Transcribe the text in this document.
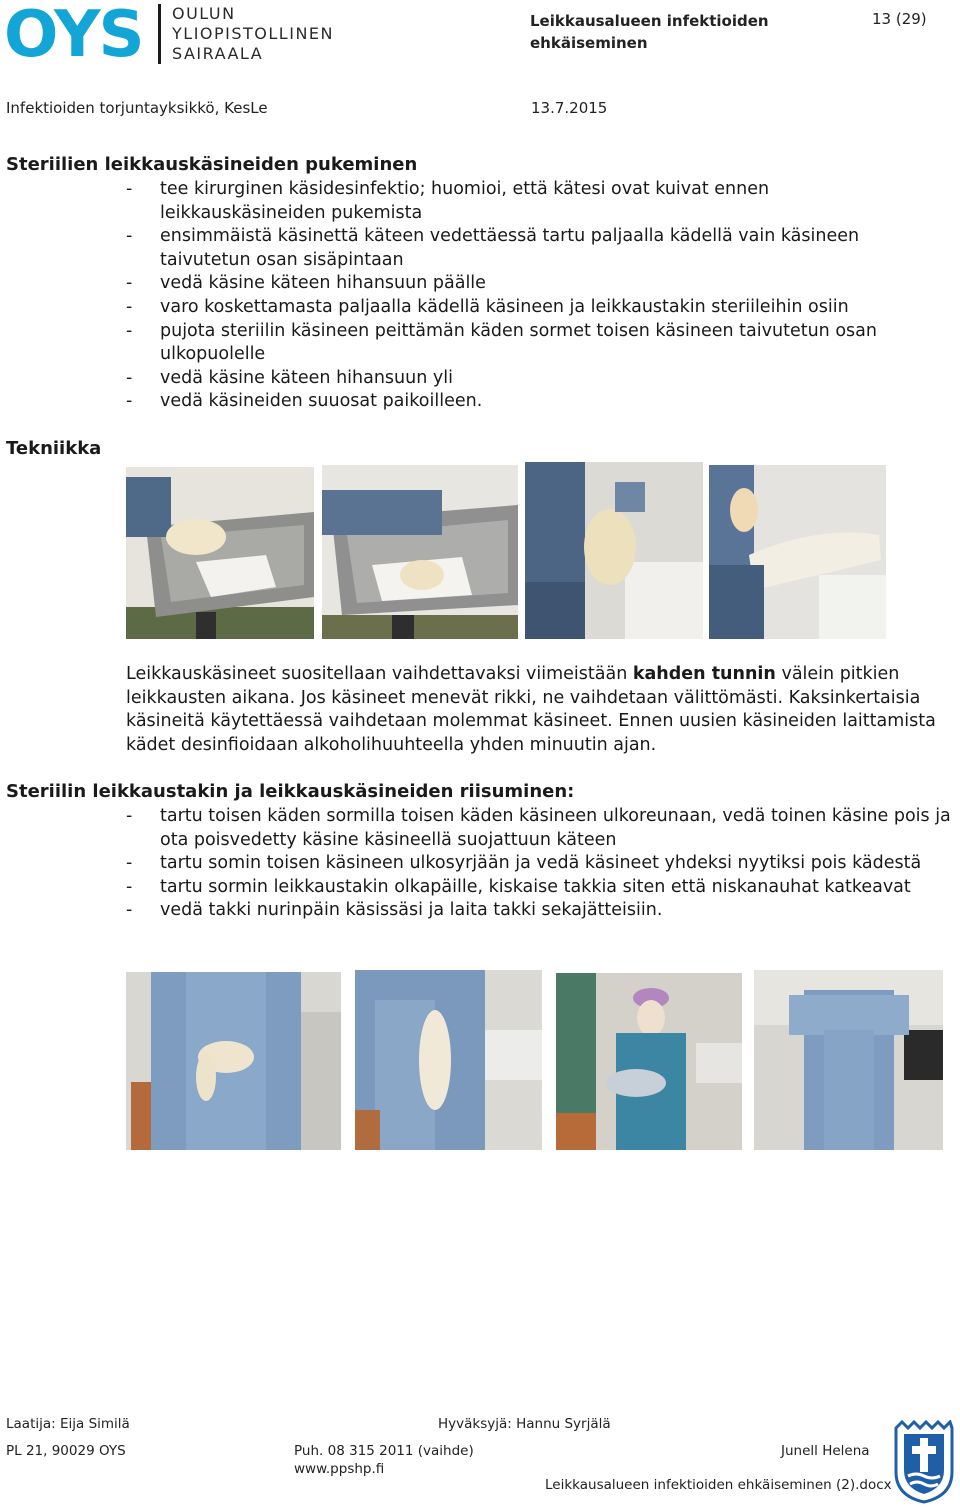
OYS OULUN
YLIOPISTOLLINEN
SAIRAALA
Leikkausalueen infektioiden ehkäiseminen
13 (29)
Infektioiden torjuntayksikkö, KesLe	13.7.2015
Steriilien leikkauskäsineiden pukeminen
- tee kirurginen käsidesinfektio; huomioi, että kätesi ovat kuivat ennen leikkauskäsineiden pukemista
- ensimmäistä käsinettä käteen vedettäessä tartu paljaalla kädellä vain käsineen taivutetun osan sisäpintaan
- vedä käsine käteen hihansuun päälle
- varo koskettamasta paljaalla kädellä käsineen ja leikkaustakin steriileihin osiin
- pujota steriilin käsineen peittämän käden sormet toisen käsineen taivutetun osan ulkopuolelle
- vedä käsine käteen hihansuun yli
- vedä käsineiden suuosat paikoilleen.
Tekniikka
Leikkauskäsineet suositellaan vaihdettavaksi viimeistään kahden tunnin välein pitkien leikkausten aikana. Jos käsineet menevät rikki, ne vaihdetaan välittömästi. Kaksinkertaisia käsineitä käytettäessä vaihdetaan molemmat käsineet. Ennen uusien käsineiden laittamista kädet desinfioidaan alkoholihuuhteella yhden minuutin ajan.
Steriilin leikkaustakin ja leikkauskäsineiden riisuminen:
- tartu toisen käden sormilla toisen käden käsineen ulkoreunaan, vedä toinen käsine pois ja ota poisvedetty käsine käsineellä suojattuun käteen
- tartu somin toisen käsineen ulkosyrjään ja vedä käsineet yhdeksi nyytiksi pois kädestä
- tartu sormin leikkaustakin olkapäille, kiskaise takkia siten että niskanauhat katkeavat
- vedä takki nurinpäin käsissäsi ja laita takki sekajätteisiin.
Laatija: Eija Similä	Hyväksyjä: Hannu Syrjälä
PL 21, 90029 OYS	Puh. 08 315 2011 (vaihde)
www.ppshp.fi
Junell Helena
Leikkausalueen infektioiden ehkäiseminen (2).docx
